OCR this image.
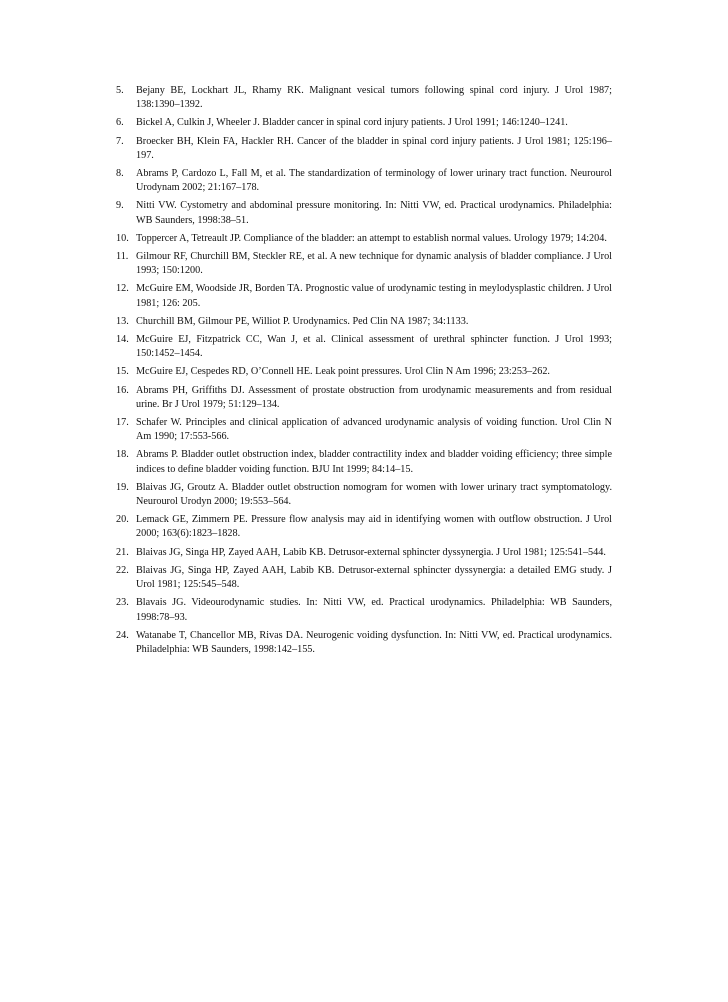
5.	Bejany BE, Lockhart JL, Rhamy RK. Malignant vesical tumors following spinal cord injury. J Urol 1987; 138:1390–1392.
6.	Bickel A, Culkin J, Wheeler J. Bladder cancer in spinal cord injury patients. J Urol 1991; 146:1240–1241.
7.	Broecker BH, Klein FA, Hackler RH. Cancer of the bladder in spinal cord injury patients. J Urol 1981; 125:196–197.
8.	Abrams P, Cardozo L, Fall M, et al. The standardization of terminology of lower urinary tract function. Neurourol Urodynam 2002; 21:167–178.
9.	Nitti VW. Cystometry and abdominal pressure monitoring. In: Nitti VW, ed. Practical urodynamics. Philadelphia: WB Saunders, 1998:38–51.
10. Toppercer A, Tetreault JP. Compliance of the bladder: an attempt to establish normal values. Urology 1979; 14:204.
11. Gilmour RF, Churchill BM, Steckler RE, et al. A new technique for dynamic analysis of bladder compliance. J Urol 1993; 150:1200.
12. McGuire EM, Woodside JR, Borden TA. Prognostic value of urodynamic testing in meylodysplastic children. J Urol 1981; 126: 205.
13. Churchill BM, Gilmour PE, Williot P. Urodynamics. Ped Clin NA 1987; 34:1133.
14. McGuire EJ, Fitzpatrick CC, Wan J, et al. Clinical assessment of urethral sphincter function. J Urol 1993; 150:1452–1454.
15. McGuire EJ, Cespedes RD, O’Connell HE. Leak point pressures. Urol Clin N Am 1996; 23:253–262.
16. Abrams PH, Griffiths DJ. Assessment of prostate obstruction from urodynamic measurements and from residual urine. Br J Urol 1979; 51:129–134.
17. Schafer W. Principles and clinical application of advanced urodynamic analysis of voiding function. Urol Clin N Am 1990; 17:553-566.
18. Abrams P. Bladder outlet obstruction index, bladder contractility index and bladder voiding efficiency; three simple indices to define bladder voiding function. BJU Int 1999; 84:14–15.
19. Blaivas JG, Groutz A. Bladder outlet obstruction nomogram for women with lower urinary tract symptomatology. Neurourol Urodyn 2000; 19:553–564.
20. Lemack GE, Zimmern PE. Pressure flow analysis may aid in identifying women with outflow obstruction. J Urol 2000; 163(6):1823–1828.
21. Blaivas JG, Singa HP, Zayed AAH, Labib KB. Detrusor-external sphincter dyssynergia. J Urol 1981; 125:541–544.
22. Blaivas JG, Singa HP, Zayed AAH, Labib KB. Detrusor-external sphincter dyssynergia: a detailed EMG study. J Urol 1981; 125:545–548.
23. Blavais JG. Videourodynamic studies. In: Nitti VW, ed. Practical urodynamics. Philadelphia: WB Saunders, 1998:78–93.
24. Watanabe T, Chancellor MB, Rivas DA. Neurogenic voiding dysfunction. In: Nitti VW, ed. Practical urodynamics. Philadelphia: WB Saunders, 1998:142–155.
